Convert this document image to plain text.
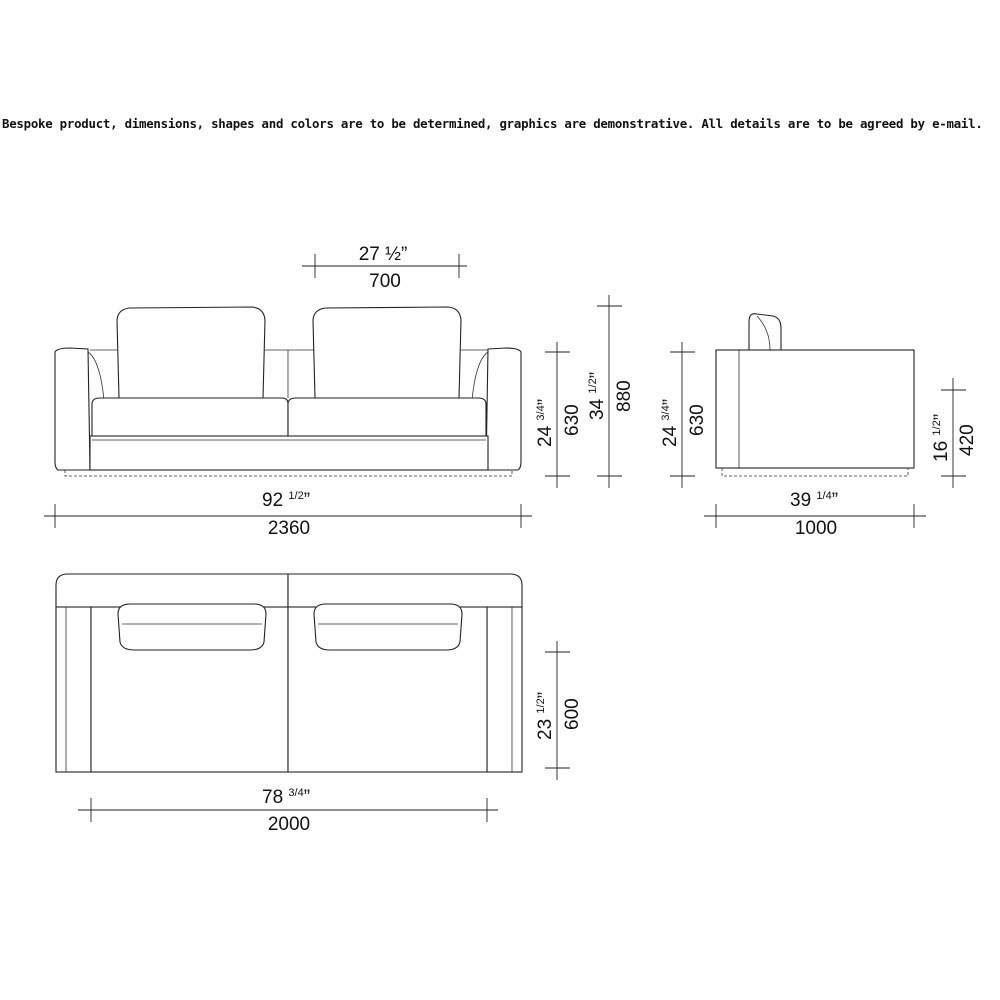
Bespoke product, dimensions, shapes and colors are to be determined, graphics are demonstrative. All details are to be agreed by e-mail.
27 ½”
700
92 $^{1/2}$”
2360
24 $^{3/4}$”
630 34 $^{1/2}$”
880
24 $^{3/4}$”
630
16 $^{1/2}$”
420
39 $^{1/4}$”
1000
23 $^{1/2}$”
600
78 $^{3/4}$”
2000
